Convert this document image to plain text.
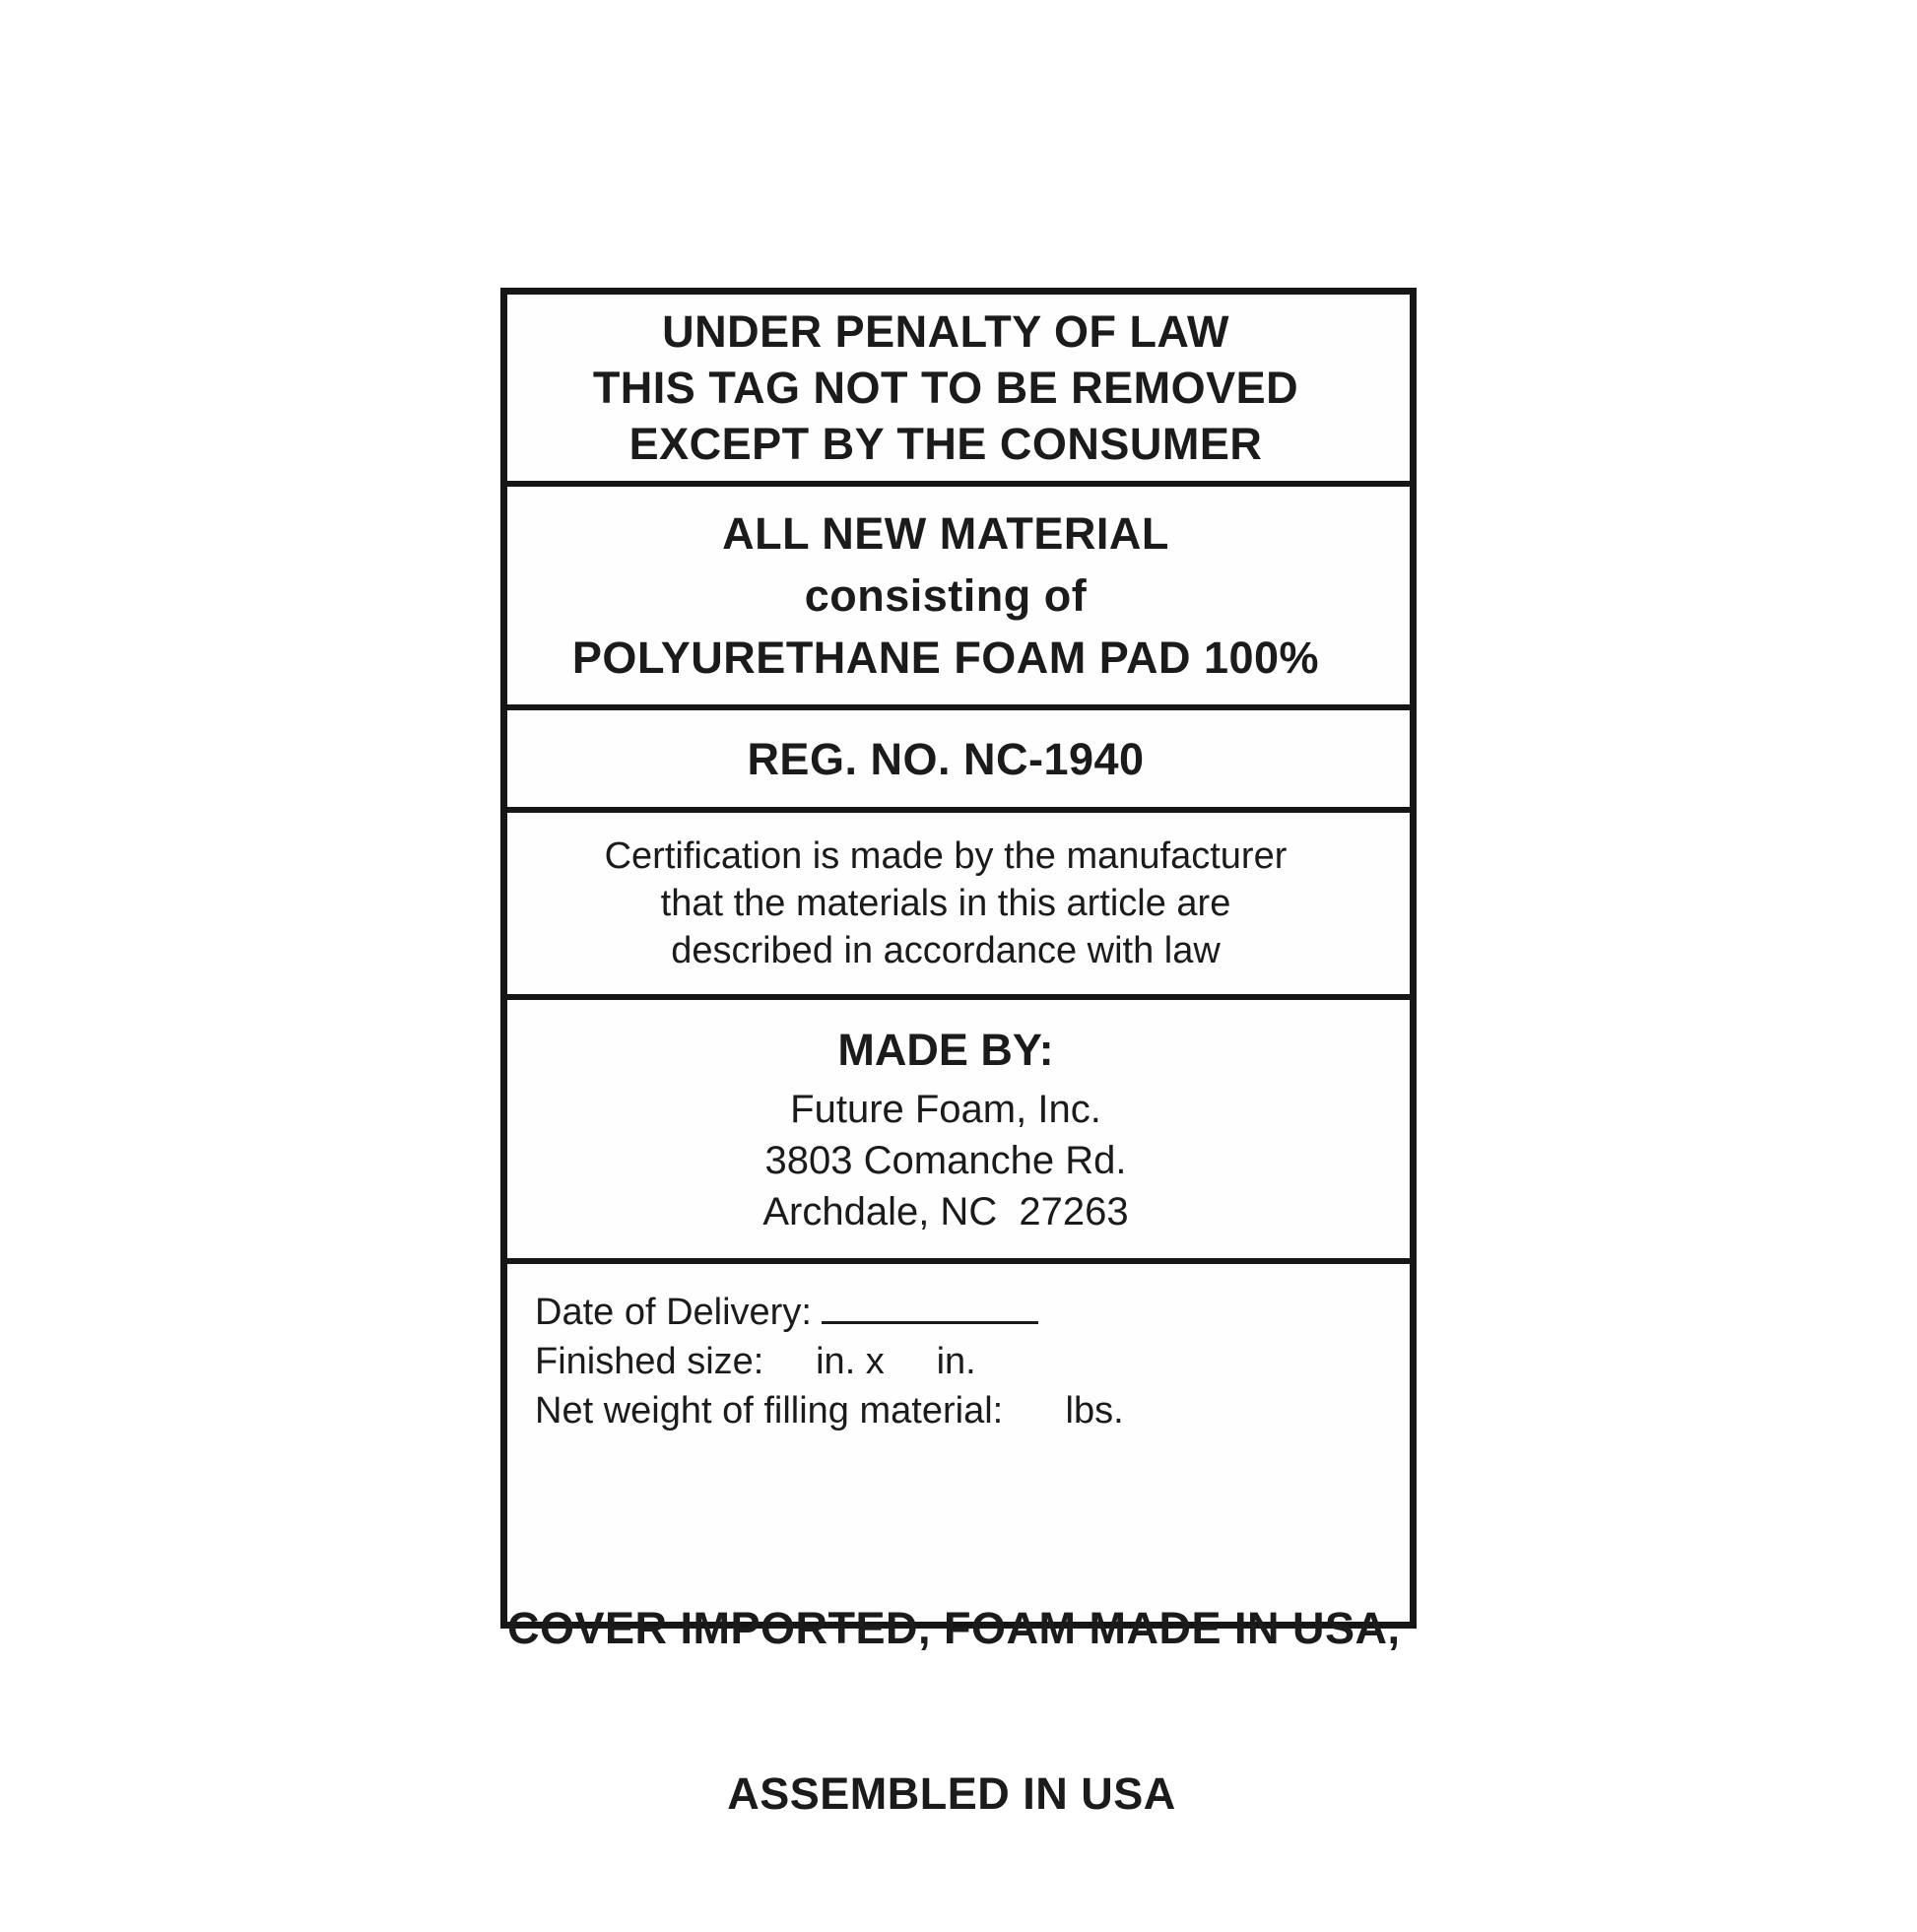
UNDER PENALTY OF LAW
THIS TAG NOT TO BE REMOVED
EXCEPT BY THE CONSUMER
ALL NEW MATERIAL
consisting of
POLYURETHANE FOAM PAD 100%
REG. NO. NC-1940
Certification is made by the manufacturer
that the materials in this article are
described in accordance with law
MADE BY:
Future Foam, Inc.
3803 Comanche Rd.
Archdale, NC  27263
Date of Delivery:
Finished size:     in. x     in.
Net weight of filling material:      lbs.

COVER IMPORTED, FOAM MADE IN USA,

ASSEMBLED IN USA
